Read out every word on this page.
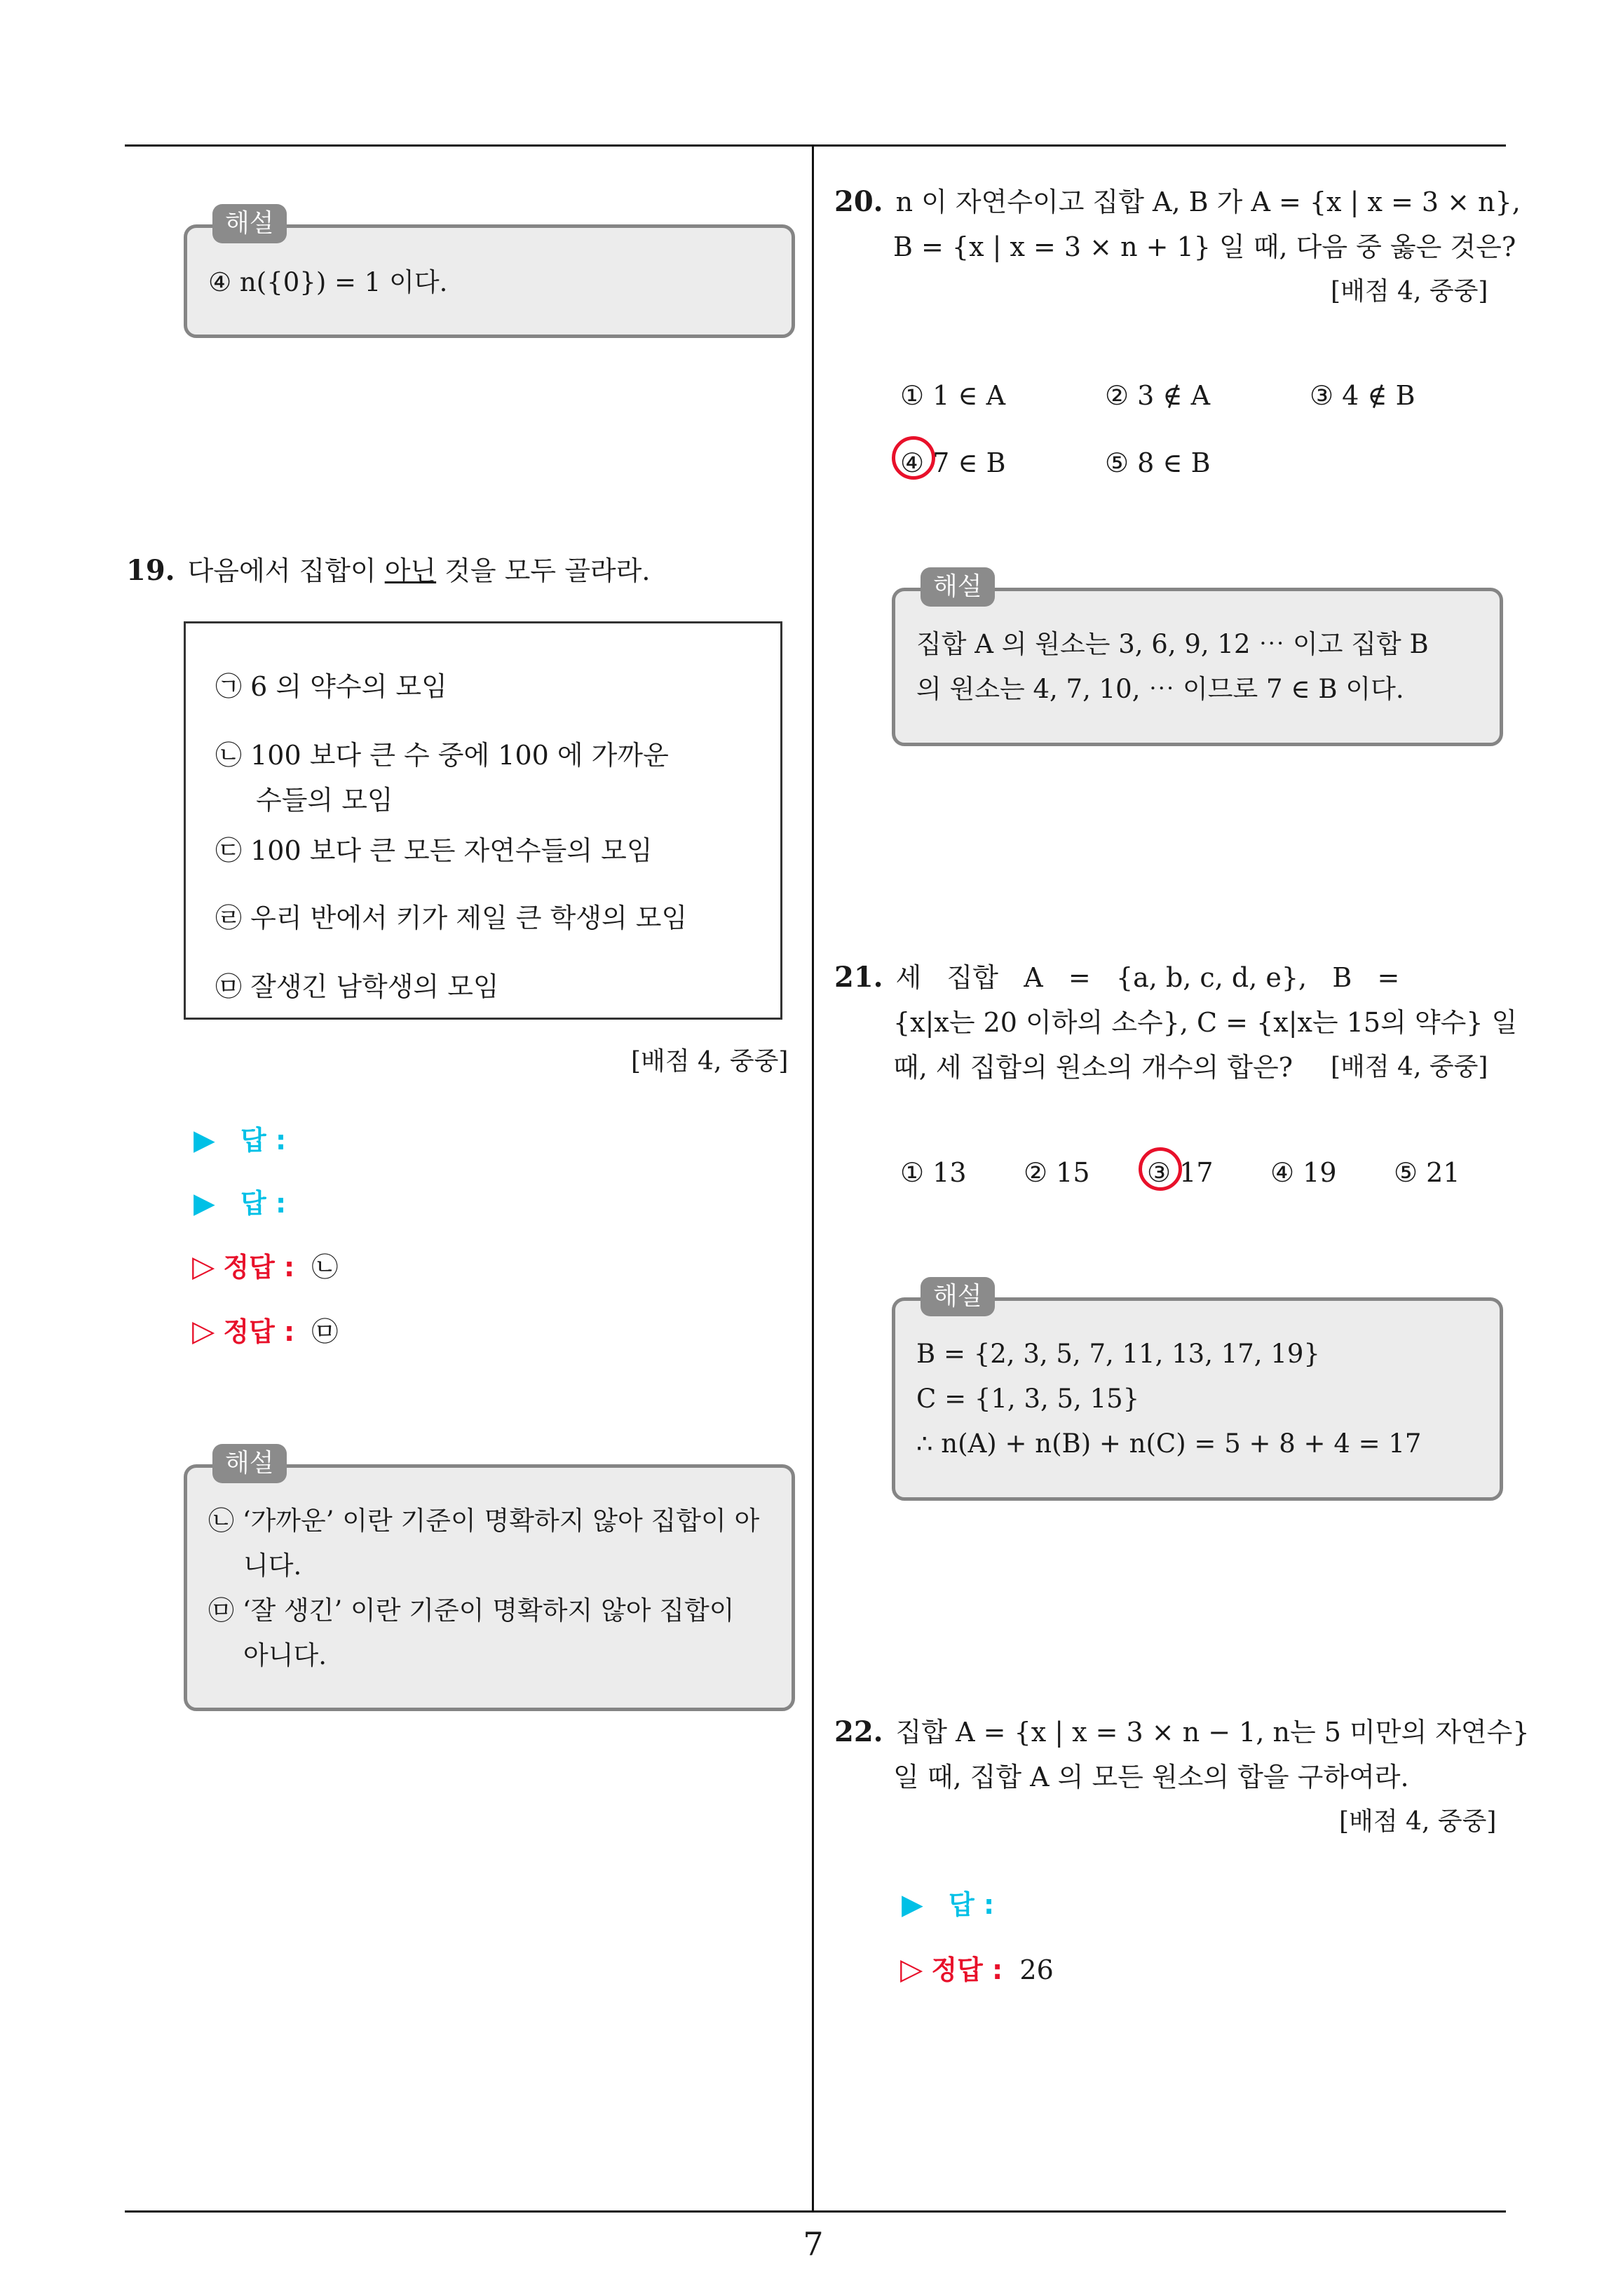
7
해설
④ n({0}) = 1 이다.
19. 다음에서 집합이 아닌 것을 모두 골라라.
㉠ 6 의 약수의 모임
㉡ 100 보다 큰 수 중에 100 에 가까운
수들의 모임
㉢ 100 보다 큰 모든 자연수들의 모임
㉣ 우리 반에서 키가 제일 큰 학생의 모임
㉤ 잘생긴 남학생의 모임
[배점 4, 중중]
▶ 답 :
▶ 답 :
▷ 정답 : ㉡
▷ 정답 : ㉤
해설
㉡ ‘가까운’ 이란 기준이 명확하지 않아 집합이 아
니다.
㉤ ‘잘 생긴’ 이란 기준이 명확하지 않아 집합이
아니다.
20. n 이 자연수이고 집합 A, B 가 A = {x | x = 3 × n},
B = {x | x = 3 × n + 1} 일 때, 다음 중 옳은 것은?
[배점 4, 중중]
① 1 ∈ A	② 3 ∉ A	③ 4 ∉ B
④ 7 ∈ B	⑤ 8 ∈ B
해설
집합 A 의 원소는 3, 6, 9, 12 ⋯ 이고 집합 B
의 원소는 4, 7, 10, ⋯ 이므로 7 ∈ B 이다.
21. 세   집합   A   =   {a, b, c, d, e},   B   =
{x|x는 20 이하의 소수}, C = {x|x는 15의 약수} 일
때, 세 집합의 원소의 개수의 합은? [배점 4, 중중]
① 13 ② 15 ③ 17 ④ 19 ⑤ 21
해설
B = {2, 3, 5, 7, 11, 13, 17, 19}
C = {1, 3, 5, 15}
∴ n(A) + n(B) + n(C) = 5 + 8 + 4 = 17
22. 집합 A = {x | x = 3 × n − 1, n는 5 미만의 자연수}
일 때, 집합 A 의 모든 원소의 합을 구하여라.
[배점 4, 중중]
▶ 답 :
▷ 정답 : 26
